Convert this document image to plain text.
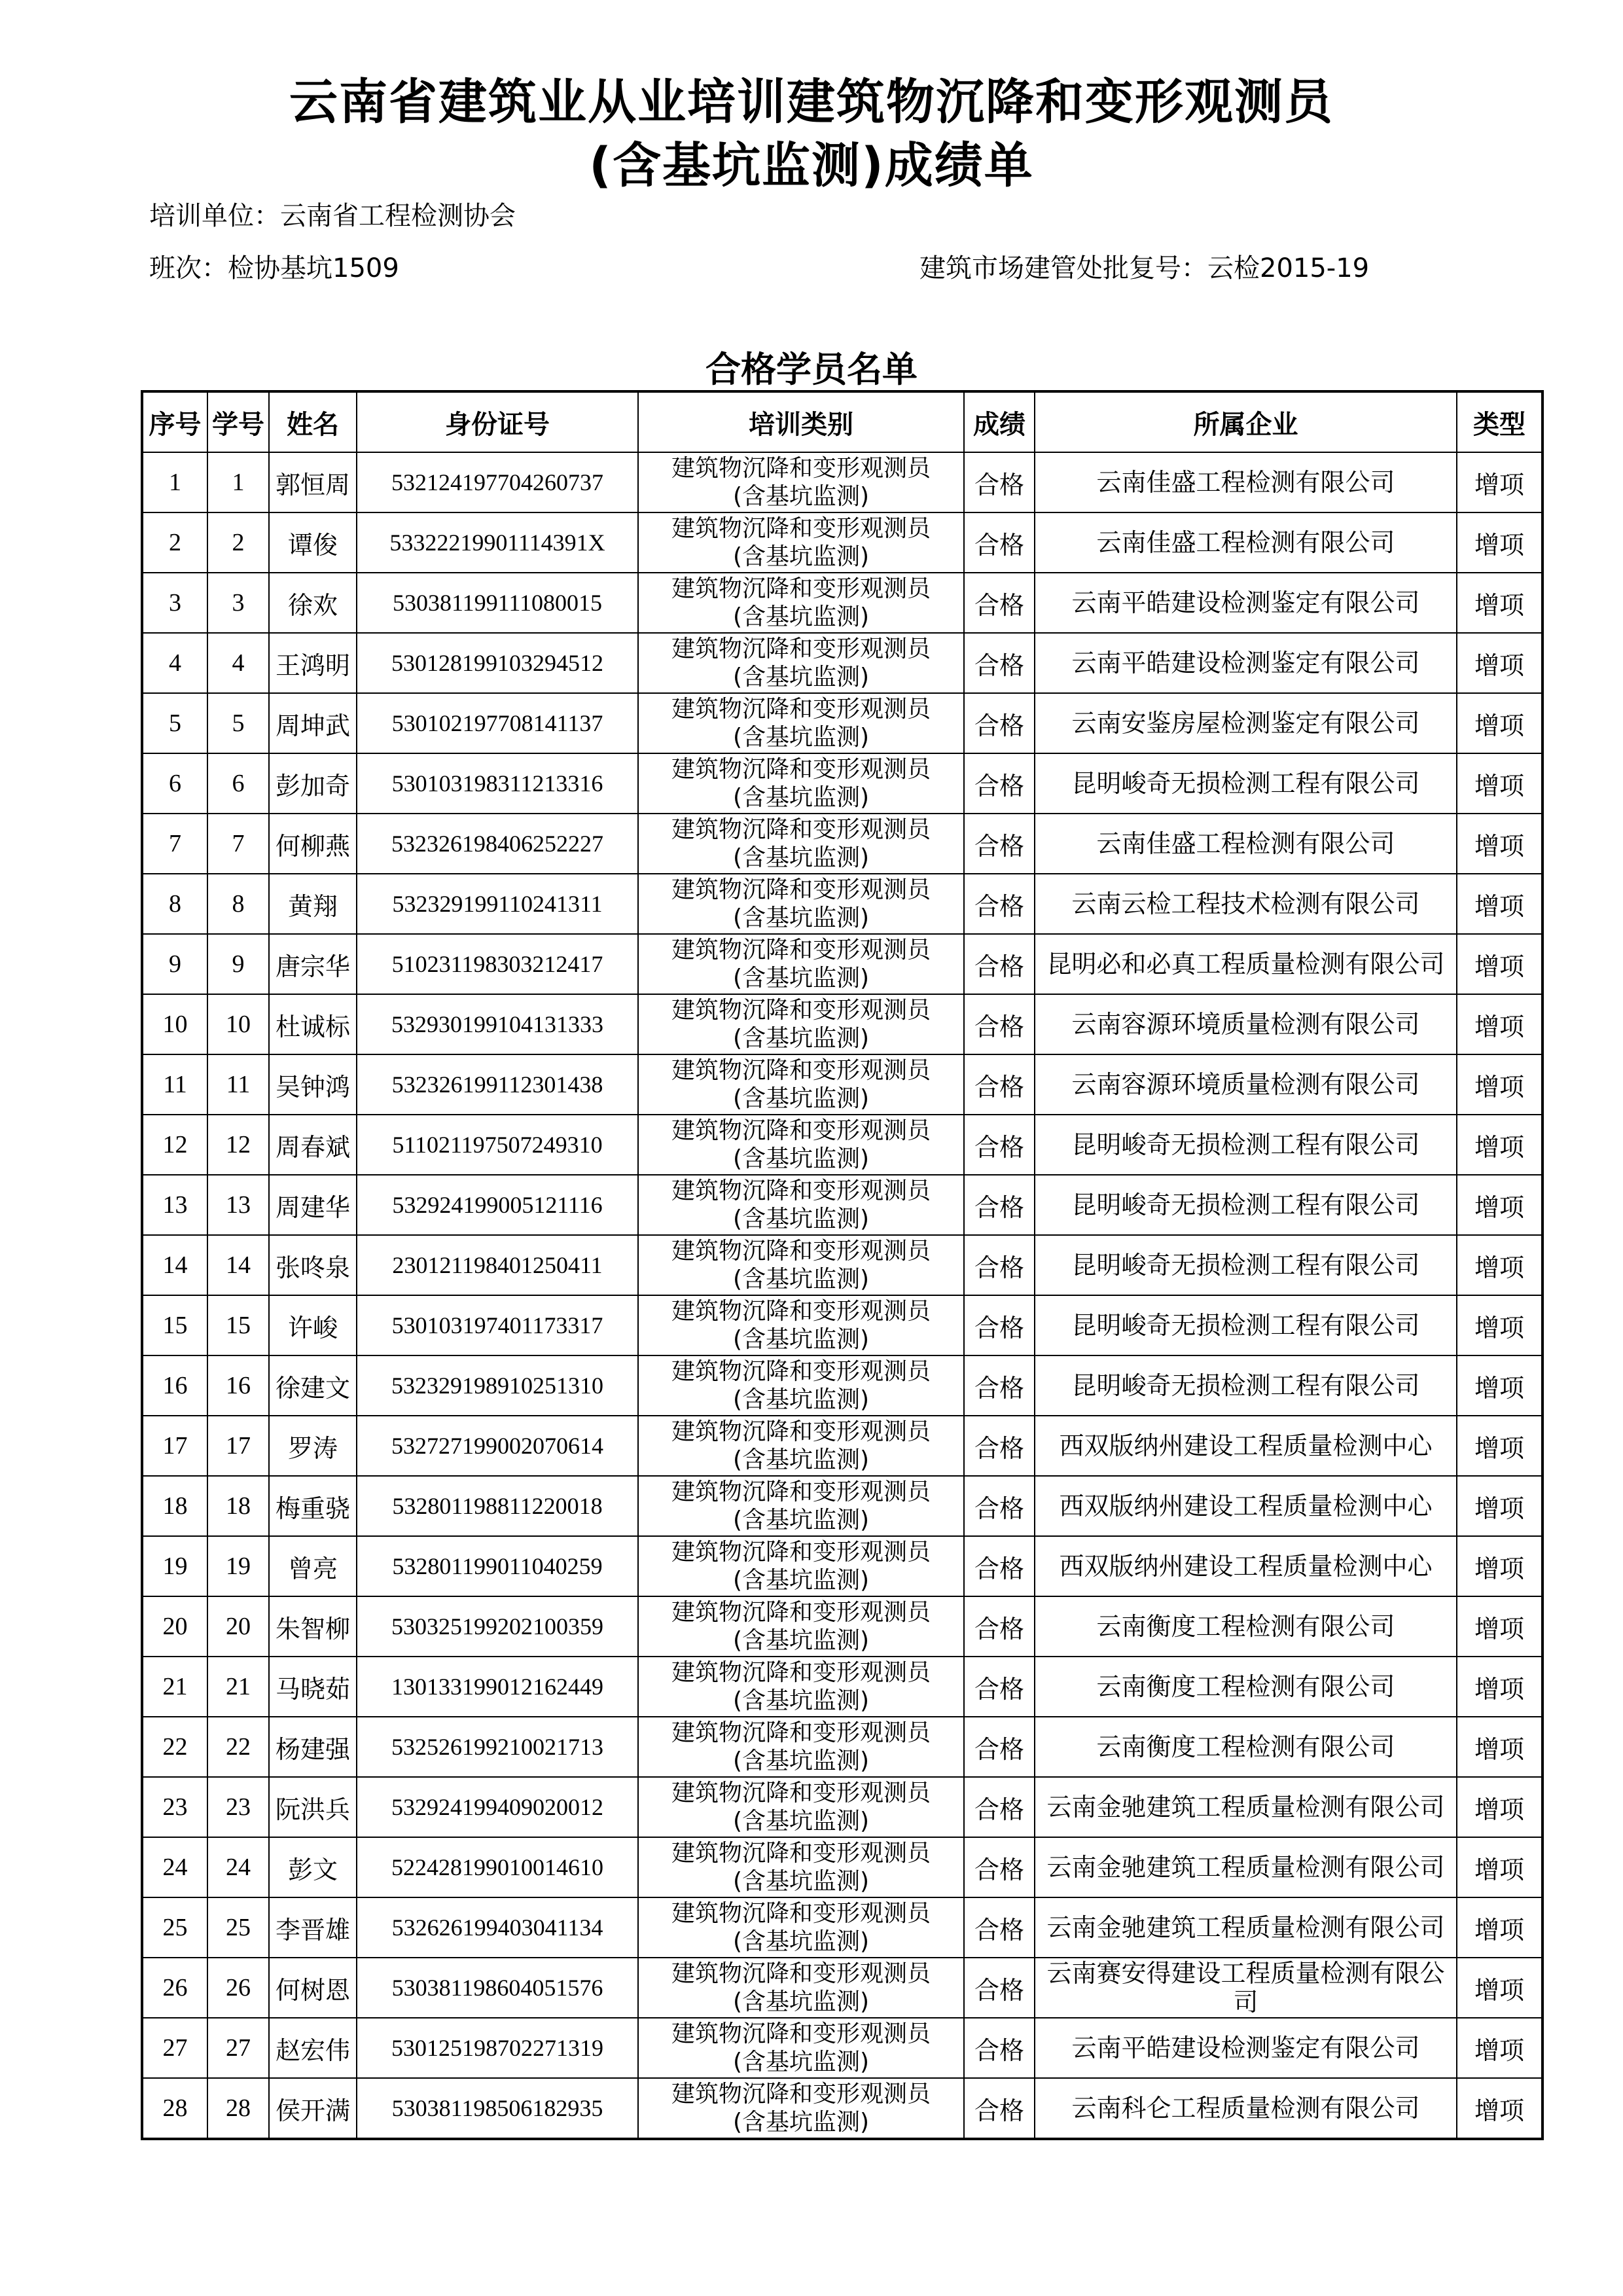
云南省建筑业从业培训建筑物沉降和变形观测员
(含基坑监测)成绩单
培训单位：云南省工程检测协会
班次：检协基坑1509	建筑市场建管处批复号：云检2015-19
合格学员名单
序号	学号	姓名	身份证号	培训类别	成绩	所属企业	类型
1	1	郭恒周	532124197704260737	建筑物沉降和变形观测员
(含基坑监测)	合格	云南佳盛工程检测有限公司	增项
2	2	谭俊	53322219901114391X	建筑物沉降和变形观测员
(含基坑监测)	合格	云南佳盛工程检测有限公司	增项
3	3	徐欢	530381199111080015	建筑物沉降和变形观测员
(含基坑监测)	合格	云南平皓建设检测鉴定有限公司	增项
4	4	王鸿明	530128199103294512	建筑物沉降和变形观测员
(含基坑监测)	合格	云南平皓建设检测鉴定有限公司	增项
5	5	周坤武	530102197708141137	建筑物沉降和变形观测员
(含基坑监测)	合格	云南安鉴房屋检测鉴定有限公司	增项
6	6	彭加奇	530103198311213316	建筑物沉降和变形观测员
(含基坑监测)	合格	昆明峻奇无损检测工程有限公司	增项
7	7	何柳燕	532326198406252227	建筑物沉降和变形观测员
(含基坑监测)	合格	云南佳盛工程检测有限公司	增项
8	8	黄翔	532329199110241311	建筑物沉降和变形观测员
(含基坑监测)	合格	云南云检工程技术检测有限公司	增项
9	9	唐宗华	510231198303212417	建筑物沉降和变形观测员
(含基坑监测)	合格	昆明必和必真工程质量检测有限公司	增项
10	10	杜诚标	532930199104131333	建筑物沉降和变形观测员
(含基坑监测)	合格	云南容源环境质量检测有限公司	增项
11	11	吴钟鸿	532326199112301438	建筑物沉降和变形观测员
(含基坑监测)	合格	云南容源环境质量检测有限公司	增项
12	12	周春斌	511021197507249310	建筑物沉降和变形观测员
(含基坑监测)	合格	昆明峻奇无损检测工程有限公司	增项
13	13	周建华	532924199005121116	建筑物沉降和变形观测员
(含基坑监测)	合格	昆明峻奇无损检测工程有限公司	增项
14	14	张咚泉	230121198401250411	建筑物沉降和变形观测员
(含基坑监测)	合格	昆明峻奇无损检测工程有限公司	增项
15	15	许峻	530103197401173317	建筑物沉降和变形观测员
(含基坑监测)	合格	昆明峻奇无损检测工程有限公司	增项
16	16	徐建文	532329198910251310	建筑物沉降和变形观测员
(含基坑监测)	合格	昆明峻奇无损检测工程有限公司	增项
17	17	罗涛	532727199002070614	建筑物沉降和变形观测员
(含基坑监测)	合格	西双版纳州建设工程质量检测中心	增项
18	18	梅重骁	532801198811220018	建筑物沉降和变形观测员
(含基坑监测)	合格	西双版纳州建设工程质量检测中心	增项
19	19	曾亮	532801199011040259	建筑物沉降和变形观测员
(含基坑监测)	合格	西双版纳州建设工程质量检测中心	增项
20	20	朱智柳	530325199202100359	建筑物沉降和变形观测员
(含基坑监测)	合格	云南衡度工程检测有限公司	增项
21	21	马晓茹	130133199012162449	建筑物沉降和变形观测员
(含基坑监测)	合格	云南衡度工程检测有限公司	增项
22	22	杨建强	532526199210021713	建筑物沉降和变形观测员
(含基坑监测)	合格	云南衡度工程检测有限公司	增项
23	23	阮洪兵	532924199409020012	建筑物沉降和变形观测员
(含基坑监测)	合格	云南金驰建筑工程质量检测有限公司	增项
24	24	彭文	522428199010014610	建筑物沉降和变形观测员
(含基坑监测)	合格	云南金驰建筑工程质量检测有限公司	增项
25	25	李晋雄	532626199403041134	建筑物沉降和变形观测员
(含基坑监测)	合格	云南金驰建筑工程质量检测有限公司	增项
26	26	何树恩	530381198604051576	建筑物沉降和变形观测员
(含基坑监测)	合格	云南赛安得建设工程质量检测有限公司	增项
27	27	赵宏伟	530125198702271319	建筑物沉降和变形观测员
(含基坑监测)	合格	云南平皓建设检测鉴定有限公司	增项
28	28	侯开满	530381198506182935	建筑物沉降和变形观测员
(含基坑监测)	合格	云南科仑工程质量检测有限公司	增项
